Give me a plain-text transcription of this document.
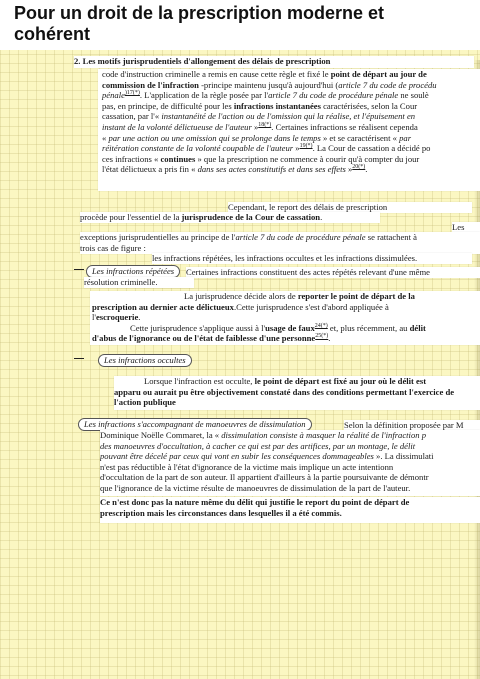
Pour un droit de la prescription moderne et
cohérent
2. Les motifs jurisprudentiels d'allongement des délais de prescription
code d'instruction criminelle a remis en cause cette règle et fixé le point de départ au jour de
commission de l'infraction -principe maintenu jusqu'à aujourd'hui (article 7 du code de procédu
pénale$^{)17(*)}$. L'application de la règle posée par l'article 7 du code de procédure pénale ne soulè
pas, en principe, de difficulté pour les infractions instantanées caractérisées, selon la Cour
cassation, par l'« instantanéité de l'action ou de l'omission qui la réalise, et l'épuisement en
instant de la volonté délictueuse de l'auteur »$^{18(*)}$. Certaines infractions se réalisent cependa
« par une action ou une omission qui se prolonge dans le temps » et se caractérisent « par
réitération constante de la volonté coupable de l'auteur »$^{19(*)}$. La Cour de cassation a décidé po
ces infractions « continues » que la prescription ne commence à courir qu'à compter du jour
l'état délictueux a pris fin « dans ses actes constitutifs et dans ses effets »$^{20(*)}$.
Cependant, le report des délais de prescription
procède pour l'essentiel de la jurisprudence de la Cour de cassation.
Les
exceptions jurisprudentielles au principe de l'article 7 du code de procédure pénale se rattachent à
trois cas de figure :
les infractions répétées, les infractions occultes et les infractions dissimulées.
— Les infractions répétées	Certaines infractions constituent des actes répétés relevant d'une même
résolution criminelle.
La jurisprudence décide alors de reporter le point de départ de la
prescription au dernier acte délictueux.Cette jurisprudence s'est d'abord appliquée à
l'escroquerie.
Cette jurisprudence s'applique aussi à l'usage de faux$^{24(*)}$ et, plus récemment, au délit
d'abus de l'ignorance ou de l'état de faiblesse d'une personne$^{25(*)}$.
—	Les infractions occultes
Lorsque l'infraction est occulte, le point de départ est fixé au jour où le délit est
apparu ou aurait pu être objectivement constaté dans des conditions permettant l'exercice de
l'action publique
Les infractions s'accompagnant de manoeuvres de dissimulation	Selon la définition proposée par M
Dominique Noëlle Commaret, la « dissimulation consiste à masquer la réalité de l'infraction p
des manoeuvres d'occultation, à cacher ce qui est par des artifices, par un montage, le délit
pouvant être décelé par ceux qui vont en subir les conséquences dommageables ». La dissimulati
n'est pas réductible à l'état d'ignorance de la victime mais implique un acte intentionn
d'occultation de la part de son auteur. Il appartient d'ailleurs à la partie poursuivante de démontr
que l'ignorance de la victime résulte de manoeuvres de dissimulation de la part de l'auteur.
Ce n'est donc pas la nature même du délit qui justifie le report du point de départ de
prescription mais les circonstances dans lesquelles il a été commis.
